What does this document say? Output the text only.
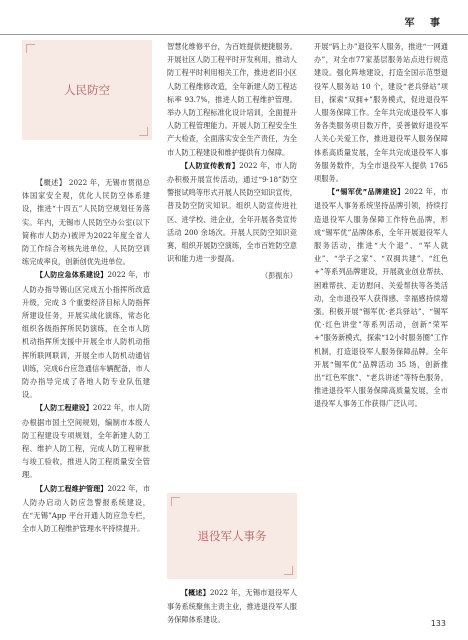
军 事
人民防空

【概述】 2022 年，无锡市贯彻总体国家安全观，优化人民防空体系建设，推进“十四五”人民防空规划任务落实。年内，无锡市人民防空办公室(以下简称市人防办)被评为2022年度全省人防工作综合考核先进单位，人民防空训练完成率良，创新创优先进单位。

【人防应急体系建设】2022 年，市人防办指导锡山区完成五小指挥所改造升级，完成 3 个重要经济目标人防指挥所建设任务，开展实战化演练，常态化组织各级指挥所民防演练，在全市人防机动指挥所支援中开展全市人防机动指挥所联网联训，开展全市人防机动通信训练，完成6台应急通信车辆配备，市人防办指导完成了各地人防专业队伍建设。

【人防工程建设】2022 年，市人防办根据市国土空间规划，编制市本级人防工程建设专项规划，全年新建人防工程、维护人防工程，完成人防工程审批与竣工验收，推进人防工程质量安全管理。

【人防工程维护管理】2022 年，市人防办启动人防应急警报系统建设，在“无锡”App 平台开通人防应急专栏，全市人防工程维护管理水平持续提升。

智慧化维修平台，为百姓提供便捷服务。开展社区人防工程平时开发利用，推动人防工程平时利用相关工作，推进老旧小区人防工程维修改造，全年新建人防工程达标率 93.7%，推进人防工程维护管理。举办人防工程标准化设计培训，全面提升人防工程管理能力。开展人防工程安全生产大检查，全面落实安全生产责任，为全市人防工程建设和维护提供有力保障。

【人防宣传教育】2022 年，市人防办积极开展宣传活动，通过“9·18”防空警报试鸣等形式开展人民防空知识宣传，普及防空防灾知识。组织人防宣传进社区、进学校、进企业，全年开展各类宣传活动 200 余场次。开展人民防空知识竞赛，组织开展防空演练，全市百姓防空意识和能力进一步提高。

（彭振东）
退役军人事务

【概述】2022 年，无锡市退役军人事务系统聚焦主责主业，推进退役军人服务保障体系建设。

开展“码上办”退役军人服务，推进“一网通办”，对全市77家基层服务站点进行规范建设。强化阵地建设，打造全国示范型退役军人服务站 10 个，建设“老兵驿站”项目，探索“双拥+”服务模式，促进退役军人服务保障工作。全年共完成退役军人事务各类服务项目数万件，妥善做好退役军人关心关爱工作，推进退役军人服务保障体系高质量发展，全年共完成退役军人事务服务数件，为全市退役军人提供 1765 项服务。

【“锡军优”品牌建设】2022 年，市退役军人事务系统坚持品牌引领，持续打造退役军人服务保障工作特色品牌，形成“锡军优”品牌体系，全年开展退役军人服务活动，推进“大个退”、“军人就业”、“学子之家”、“双拥共建”、“红色+”等系列品牌建设，开展就业创业帮扶、困难帮扶、走访慰问、关爱帮扶等各类活动，全市退役军人获得感、幸福感持续增强。积极开展“锡军优·老兵驿站”、“锡军优·红色讲堂”等系列活动，创新“荣军+”服务新模式，探索“12小时服务圈”工作机制，打造退役军人服务保障品牌。全年开展“锡军优”品牌活动 35 场，创新推出“红色军旅”、“老兵讲述”等特色服务，推进退役军人服务保障高质量发展，全市退役军人事务工作获得广泛认可。

133
